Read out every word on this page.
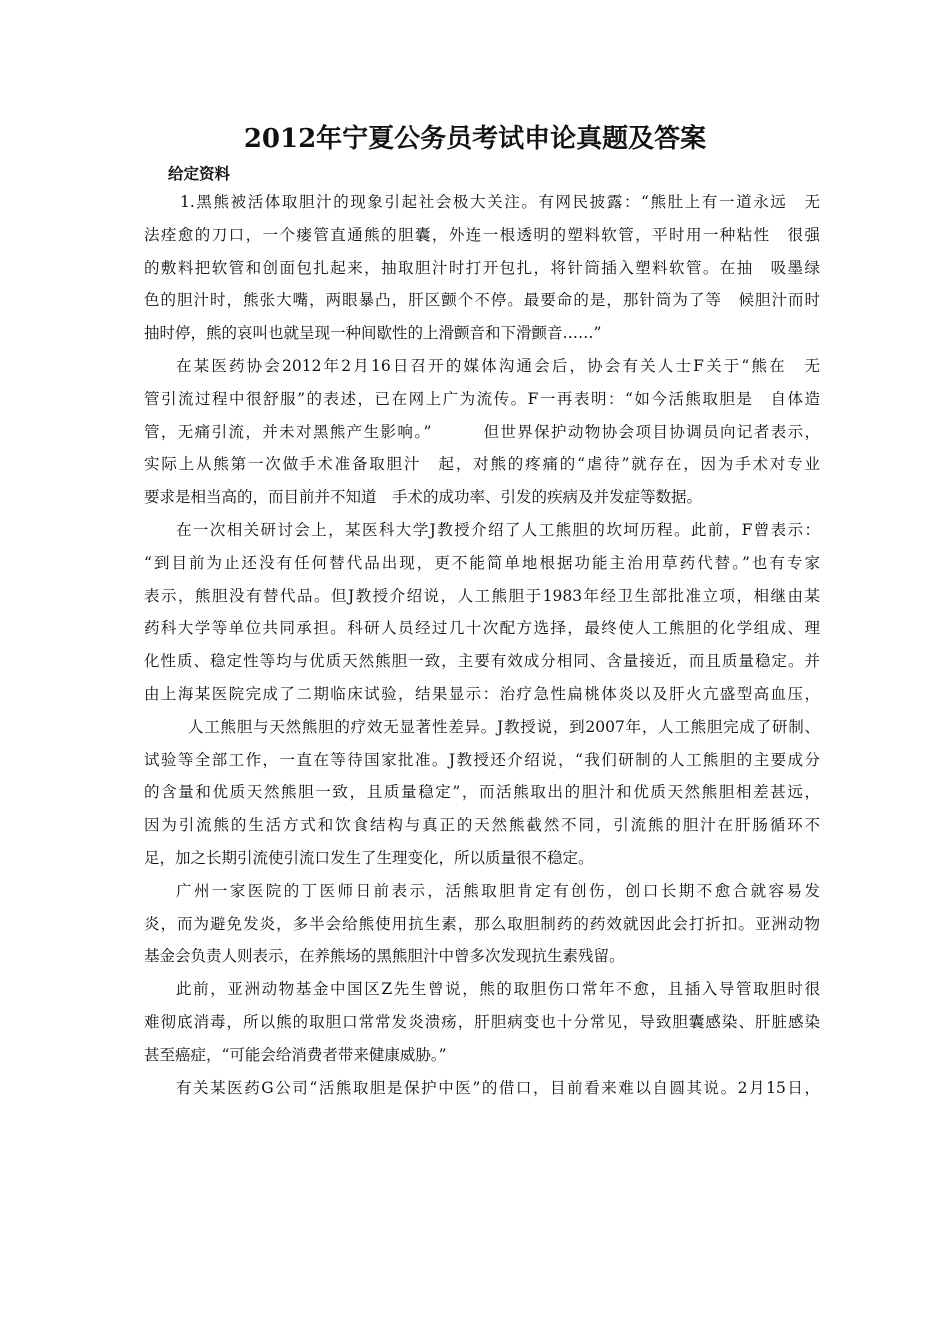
2012年宁夏公务员考试申论真题及答案
给定资料

1.黑熊被活体取胆汁的现象引起社会极大关注。有网民披露：“熊肚上有一道永远　无

法痊愈的刀口，一个瘘管直通熊的胆囊，外连一根透明的塑料软管，平时用一种粘性　很强

的敷料把软管和创面包扎起来，抽取胆汁时打开包扎，将针筒插入塑料软管。在抽　吸墨绿

色的胆汁时，熊张大嘴，两眼暴凸，肝区颤个不停。最要命的是，那针筒为了等　候胆汁而时

抽时停，熊的哀叫也就呈现一种间歇性的上滑颤音和下滑颤音……”

在某医药协会2012年2月16日召开的媒体沟通会后，协会有关人士F关于“熊在　无

管引流过程中很舒服”的表述，已在网上广为流传。F一再表明：“如今活熊取胆是　自体造

管，无痛引流，并未对黑熊产生影响。”　　　但世界保护动物协会项目协调员向记者表示，

实际上从熊第一次做手术准备取胆汁　起，对熊的疼痛的“虐待”就存在，因为手术对专业

要求是相当高的，而目前并不知道　手术的成功率、引发的疾病及并发症等数据。

在一次相关研讨会上，某医科大学J教授介绍了人工熊胆的坎坷历程。此前，F曾表示：

“到目前为止还没有任何替代品出现，更不能简单地根据功能主治用草药代替。”也有专家

表示，熊胆没有替代品。但J教授介绍说，人工熊胆于1983年经卫生部批准立项，相继由某

药科大学等单位共同承担。科研人员经过几十次配方选择，最终使人工熊胆的化学组成、理

化性质、稳定性等均与优质天然熊胆一致，主要有效成分相同、含量接近，而且质量稳定。并

由上海某医院完成了二期临床试验，结果显示：治疗急性扁桃体炎以及肝火亢盛型高血压，

人工熊胆与天然熊胆的疗效无显著性差异。J教授说，到2007年，人工熊胆完成了研制、

试验等全部工作，一直在等待国家批准。J教授还介绍说，“我们研制的人工熊胆的主要成分

的含量和优质天然熊胆一致，且质量稳定”，而活熊取出的胆汁和优质天然熊胆相差甚远，

因为引流熊的生活方式和饮食结构与真正的天然熊截然不同，引流熊的胆汁在肝肠循环不

足，加之长期引流使引流口发生了生理变化，所以质量很不稳定。

广州一家医院的丁医师日前表示，活熊取胆肯定有创伤，创口长期不愈合就容易发

炎，而为避免发炎，多半会给熊使用抗生素，那么取胆制药的药效就因此会打折扣。亚洲动物

基金会负责人则表示，在养熊场的黑熊胆汁中曾多次发现抗生素残留。

此前，亚洲动物基金中国区Z先生曾说，熊的取胆伤口常年不愈，且插入导管取胆时很

难彻底消毒，所以熊的取胆口常常发炎溃疡，肝胆病变也十分常见，导致胆囊感染、肝脏感染

甚至癌症，“可能会给消费者带来健康威胁。”

有关某医药G公司“活熊取胆是保护中医”的借口，目前看来难以自圆其说。2月15日，
